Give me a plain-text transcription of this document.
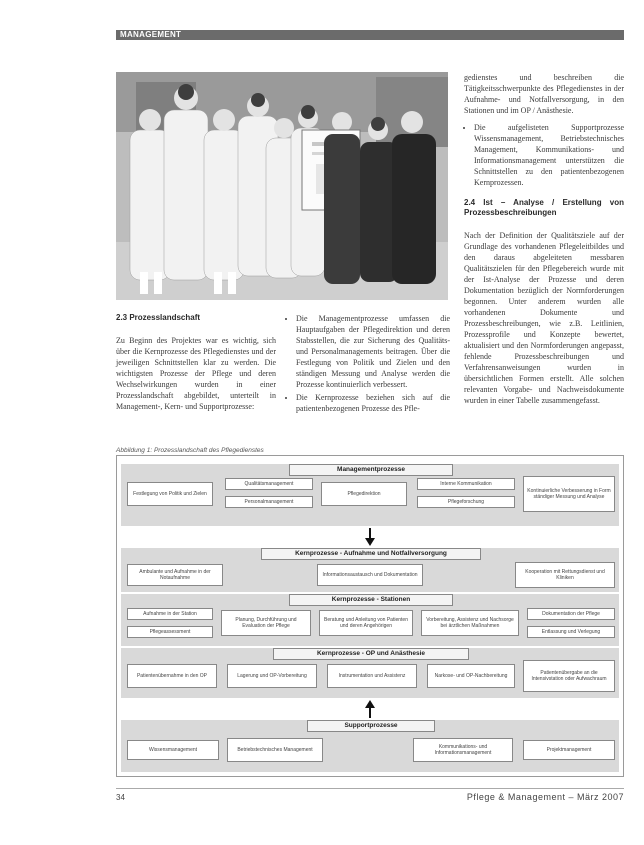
MANAGEMENT
2.3 Prozesslandschaft

Zu Beginn des Projektes war es wichtig, sich über die Kernprozesse des Pflegedienstes und der jeweiligen Schnittstellen klar zu werden. Die wichtigsten Prozesse der Pflege und deren Wechselwirkungen wurden in einer Prozesslandschaft abgebildet, unterteilt in Management-, Kern- und Supportprozesse:

• Die Managementprozesse umfassen die Hauptaufgaben der Pflegedirektion und deren Stabsstellen, die zur Sicherung des Qualitäts- und Personalmanagements beitragen. Über die Festlegung von Politik und Zielen und den ständigen Messung und Analyse werden die Prozesse kontinuierlich verbessert.
• Die Kernprozesse beziehen sich auf die patientenbezogenen Prozesse des Pfle-

gedienstes und beschreiben die Tätigkeitsschwerpunkte des Pflegedienstes in der Aufnahme- und Notfallversorgung, in den Stationen und im OP / Anästhesie.

• Die aufgelisteten Supportprozesse Wissensmanagement, Betriebstechnisches Management, Kommunikations- und Informationsmanagement unterstützen die Schnittstellen zu den patientenbezogenen Kernprozessen.
2.4 Ist – Analyse / Erstellung von Prozessbeschreibungen

Nach der Definition der Qualitätsziele auf der Grundlage des vorhandenen Pflegeleitbildes und den daraus abgeleiteten messbaren Qualitätszielen für den Pflegebereich wurde mit der Ist-Analyse der Prozesse und deren Dokumentation bezüglich der Normforderungen begonnen. Unter anderem wurden alle vorhandenen Dokumente und Prozessbeschreibungen, wie z.B. Leitlinien, Prozessprofile und Konzepte bewertet, aktualisiert und den Normforderungen angepasst, fehlende Prozessbeschreibungen und Verfahrensanweisungen wurden in übersichtlichen Formen erstellt. Alle solchen relevanten Vorgabe- und Nachweisdokumente wurden in einer Tabelle zusammengefasst.

Abbildung 1: Prozesslandschaft des Pflegedienstes
Managementprozesse
Festlegung von Politik und Zielen
Qualitätsmanagement
Personalmanagement
Pflegedirektion
Interne Kommunikation
Pflegeforschung
Kontinuierliche Verbesserung in Form ständiger Messung und Analyse
Kernprozesse - Aufnahme und Notfallversorgung
Ambulante und Aufnahme in der Notaufnahme
Informationsaustausch und Dokumentation
Kooperation mit Rettungsdienst und Kliniken
Kernprozesse - Stationen
Aufnahme in der Station
Pflegeassessment
Planung, Durchführung und Evaluation der Pflege
Beratung und Anleitung von Patienten und deren Angehörigen
Vorbereitung, Assistenz und Nachsorge bei ärztlichen Maßnahmen
Dokumentation der Pflege
Entlassung und Verlegung
Kernprozesse - OP und Anästhesie
Patientenübernahme in den OP	Lagerung und OP-Vorbereitung	Instrumentation und Assistenz	Narkose- und OP-Nachbereitung
Patientenübergabe an die Intensivstation oder Aufwachraum
Supportprozesse
Wissensmanagement	Betriebstechnisches Management
Kommunikations- und Informationsmanagement
Projektmanagement
34	Pflege & Management – März 2007
